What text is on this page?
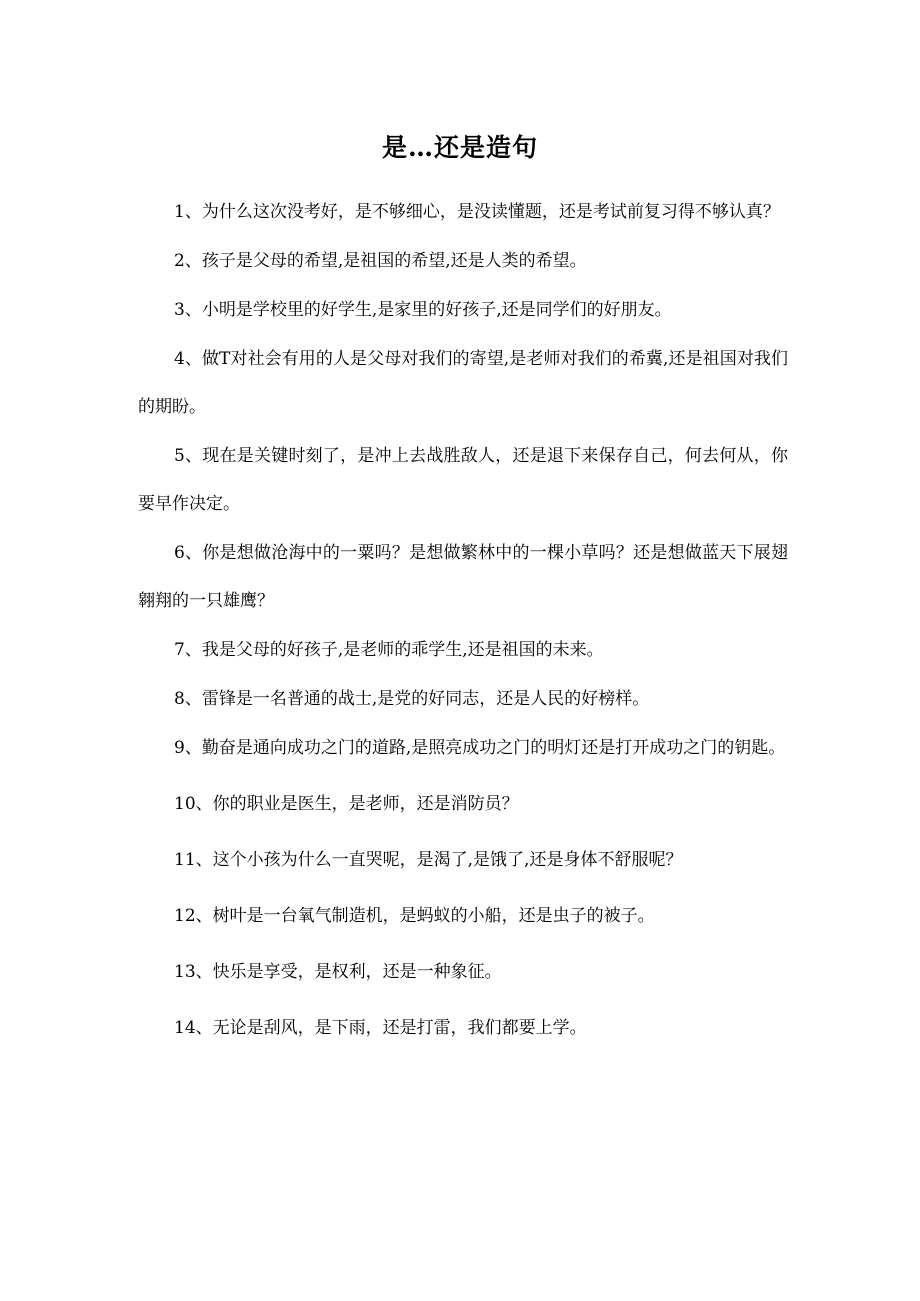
是…还是造句

1、为什么这次没考好，是不够细心，是没读懂题，还是考试前复习得不够认真？

2、孩子是父母的希望,是祖国的希望,还是人类的希望。

3、小明是学校里的好学生,是家里的好孩子,还是同学们的好朋友。

4、做T对社会有用的人是父母对我们的寄望,是老师对我们的希冀,还是祖国对我们的期盼。

5、现在是关键时刻了，是冲上去战胜敌人，还是退下来保存自己，何去何从，你要早作决定。

6、你是想做沧海中的一粟吗？是想做繁林中的一棵小草吗？还是想做蓝天下展翅翱翔的一只雄鹰？

7、我是父母的好孩子,是老师的乖学生,还是祖国的未来。

8、雷锋是一名普通的战士,是党的好同志，还是人民的好榜样。

9、勤奋是通向成功之门的道路,是照亮成功之门的明灯还是打开成功之门的钥匙。

10、你的职业是医生，是老师，还是消防员？

11、这个小孩为什么一直哭呢，是渴了,是饿了,还是身体不舒服呢？

12、树叶是一台氧气制造机，是蚂蚁的小船，还是虫子的被子。

13、快乐是享受，是权利，还是一种象征。

14、无论是刮风，是下雨，还是打雷，我们都要上学。
